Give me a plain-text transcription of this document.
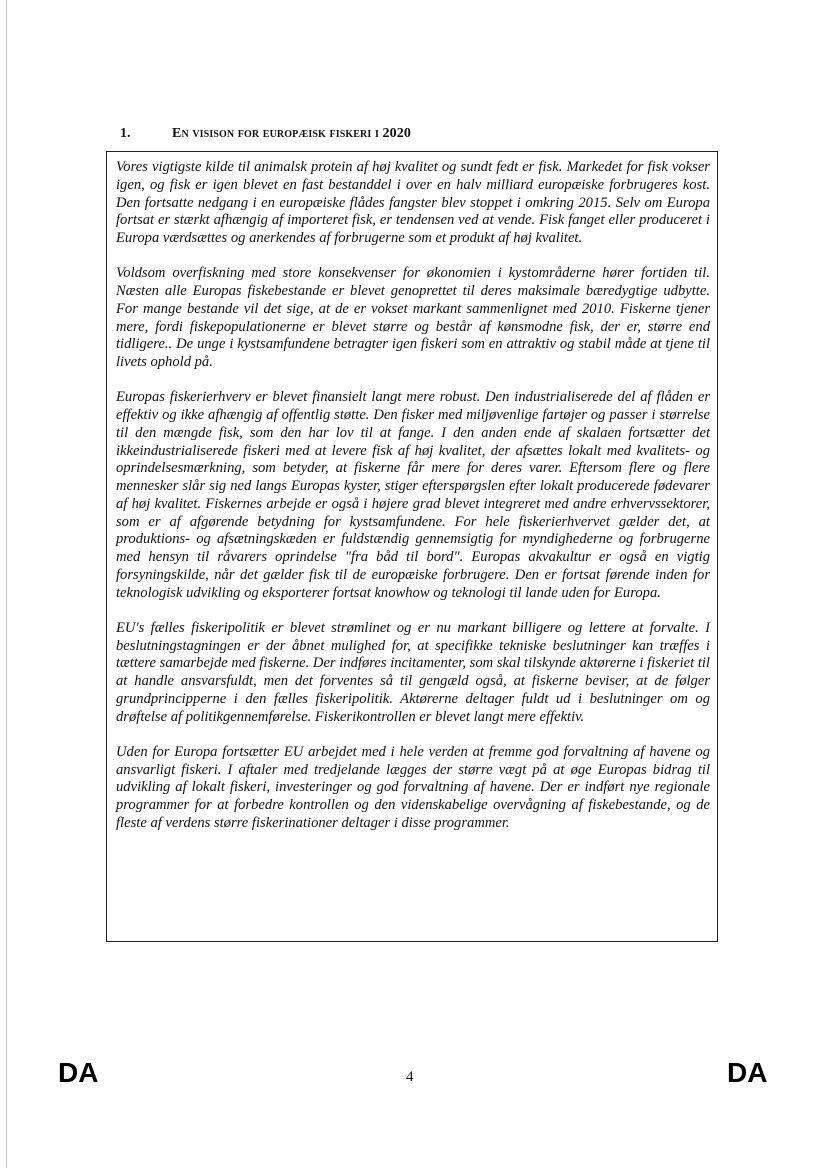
1.	En visison for europæisk fiskeri i 2020

Vores vigtigste kilde til animalsk protein af høj kvalitet og sundt fedt er fisk. Markedet for fisk vokser igen, og fisk er igen blevet en fast bestanddel i over en halv milliard europæiske forbrugeres kost. Den fortsatte nedgang i en europæiske flådes fangster blev stoppet i omkring 2015. Selv om Europa fortsat er stærkt afhængig af importeret fisk, er tendensen ved at vende. Fisk fanget eller produceret i Europa værdsættes og anerkendes af forbrugerne som et produkt af høj kvalitet.

Voldsom overfiskning med store konsekvenser for økonomien i kystområderne hører fortiden til. Næsten alle Europas fiskebestande er blevet genoprettet til deres maksimale bæredygtige udbytte. For mange bestande vil det sige, at de er vokset markant sammenlignet med 2010. Fiskerne tjener mere, fordi fiskepopulationerne er blevet større og består af kønsmodne fisk, der er, større end tidligere.. De unge i kystsamfundene betragter igen fiskeri som en attraktiv og stabil måde at tjene til livets ophold på.

Europas fiskerierhverv er blevet finansielt langt mere robust. Den industrialiserede del af flåden er effektiv og ikke afhængig af offentlig støtte. Den fisker med miljøvenlige fartøjer og passer i størrelse til den mængde fisk, som den har lov til at fange. I den anden ende af skalaen fortsætter det ikkeindustrialiserede fiskeri med at levere fisk af høj kvalitet, der afsættes lokalt med kvalitets- og oprindelsesmærkning, som betyder, at fiskerne får mere for deres varer. Eftersom flere og flere mennesker slår sig ned langs Europas kyster, stiger efterspørgslen efter lokalt producerede fødevarer af høj kvalitet. Fiskernes arbejde er også i højere grad blevet integreret med andre erhvervssektorer, som er af afgørende betydning for kystsamfundene. For hele fiskerierhvervet gælder det, at produktions- og afsætningskæden er fuldstændig gennemsigtig for myndighederne og forbrugerne med hensyn til råvarers oprindelse "fra båd til bord". Europas akvakultur er også en vigtig forsyningskilde, når det gælder fisk til de europæiske forbrugere. Den er fortsat førende inden for teknologisk udvikling og eksporterer fortsat knowhow og teknologi til lande uden for Europa.

EU's fælles fiskeripolitik er blevet strømlinet og er nu markant billigere og lettere at forvalte. I beslutningstagningen er der åbnet mulighed for, at specifikke tekniske beslutninger kan træffes i tættere samarbejde med fiskerne. Der indføres incitamenter, som skal tilskynde aktørerne i fiskeriet til at handle ansvarsfuldt, men det forventes så til gengæld også, at fiskerne beviser, at de følger grundprincipperne i den fælles fiskeripolitik. Aktørerne deltager fuldt ud i beslutninger om og drøftelse af politikgennemførelse. Fiskerikontrollen er blevet langt mere effektiv.

Uden for Europa fortsætter EU arbejdet med i hele verden at fremme god forvaltning af havene og ansvarligt fiskeri. I aftaler med tredjelande lægges der større vægt på at øge Europas bidrag til udvikling af lokalt fiskeri, investeringer og god forvaltning af havene. Der er indført nye regionale programmer for at forbedre kontrollen og den videnskabelige overvågning af fiskebestande, og de fleste af verdens større fiskerinationer deltager i disse programmer.

DA	4	DA
